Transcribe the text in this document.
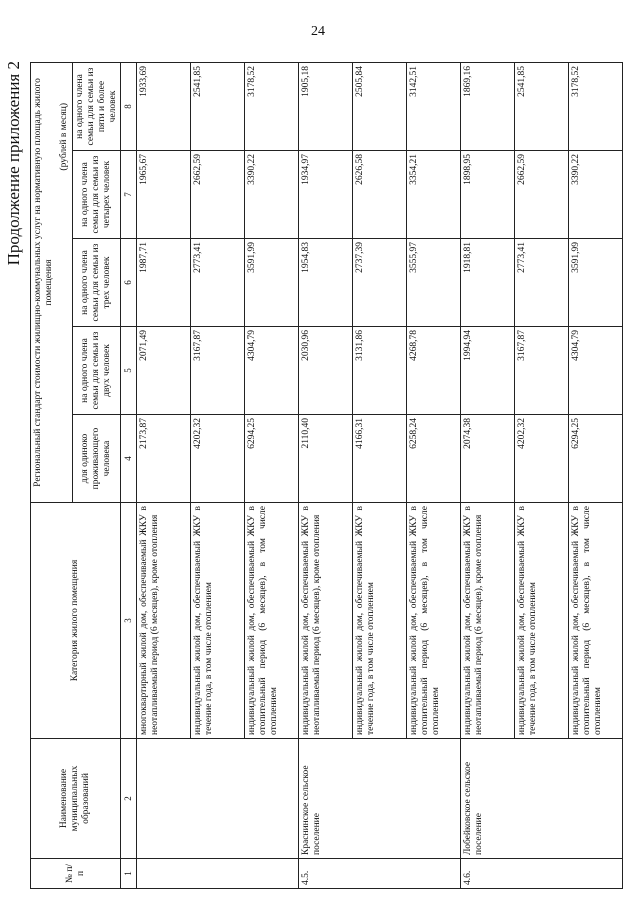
24
Продолжение приложения 2
№ п/п	Наименование муниципальных образований	Категория жилого помещения	Региональный стандарт стоимости жилищно-коммунальных услуг на нормативную площадь жилого помещения				
			(рублей в месяц)				
			для одиноко проживающего человека	на одного члена семьи для семьи из двух человек	на одного члена семьи для семьи из трех человек	на одного члена семьи для семьи из четырех человек	на одного члена семьи для семьи из пяти и более человек
1	2	3	4	5	6	7	8
		многоквартирный жилой дом, обеспечиваемый ЖКУ в неотапливаемый период (6 месяцев), кроме отопления	2173,87	2071,49	1987,71	1965,67	1933,69
		индивидуальный жилой дом, обеспечиваемый ЖКУ в течение года, в том числе отоплением	4202,32	3167,87	2773,41	2662,59	2541,85
		индивидуальный жилой дом, обеспечиваемый ЖКУ в отопительный период (6 месяцев), в том числе отоплением	6294,25	4304,79	3591,99	3390,22	3178,52
4.5.	Краснинское сельское поселение	индивидуальный жилой дом, обеспечиваемый ЖКУ в неотапливаемый период (6 месяцев), кроме отопления	2110,40	2030,96	1954,83	1934,97	1905,18
		индивидуальный жилой дом, обеспечиваемый ЖКУ в течение года, в том числе отоплением	4166,31	3131,86	2737,39	2626,58	2505,84
		индивидуальный жилой дом, обеспечиваемый ЖКУ в отопительный период (6 месяцев), в том числе отоплением	6258,24	4268,78	3555,97	3354,21	3142,51
4.6.	Лобейковское сельское поселение	индивидуальный жилой дом, обеспечиваемый ЖКУ в неотапливаемый период (6 месяцев), кроме отопления	2074,38	1994,94	1918,81	1898,95	1869,16
		индивидуальный жилой дом, обеспечиваемый ЖКУ в течение года, в том числе отоплением	4202,32	3167,87	2773,41	2662,59	2541,85
		индивидуальный жилой дом, обеспечиваемый ЖКУ в отопительный период (6 месяцев), в том числе отоплением	6294,25	4304,79	3591,99	3390,22	3178,52
